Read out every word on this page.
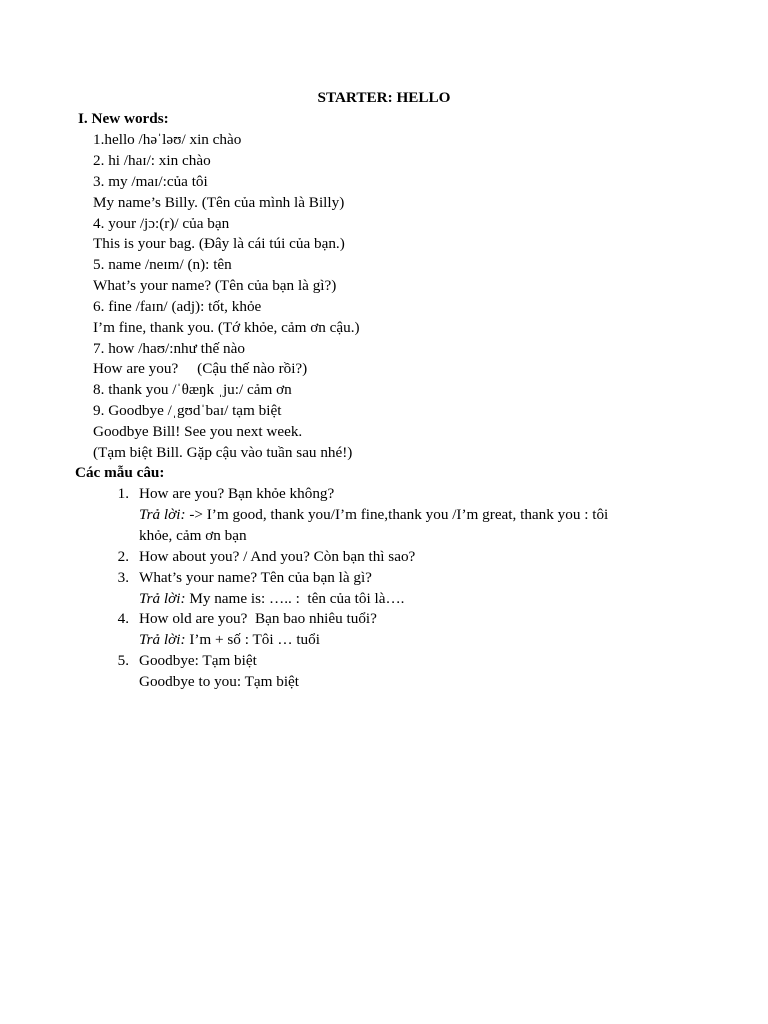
STARTER: HELLO
I. New words:
1.hello /həˈləʊ/ xin chào
2. hi /haɪ/: xin chào
3. my /maɪ/:của tôi
My name’s Billy. (Tên của mình là Billy)
4. your /jɔ:(r)/ của bạn
This is your bag. (Đây là cái túi của bạn.)
5. name /neɪm/ (n): tên
What’s your name? (Tên của bạn là gì?)
6. fine /faɪn/ (adj): tốt, khỏe
I’m fine, thank you. (Tớ khỏe, cảm ơn cậu.)
7. how /haʊ/:như thế nào
How are you?     (Cậu thế nào rồi?)
8. thank you /ˈθæŋk ˌju:/ cảm ơn
9. Goodbye /ˌgʊdˈbaɪ/ tạm biệt
Goodbye Bill! See you next week.
(Tạm biệt Bill. Gặp cậu vào tuần sau nhé!)
Các mẫu câu:
1. How are you? Bạn khỏe không?
Trả lời: -> I’m good, thank you/I’m fine,thank you /I’m great, thank you : tôi
khỏe, cảm ơn bạn
2. How about you? / And you? Còn bạn thì sao?
3. What’s your name? Tên của bạn là gì?
Trả lời: My name is: ….. :  tên của tôi là….
4. How old are you?  Bạn bao nhiêu tuổi?
Trả lời: I’m + số : Tôi … tuổi
5. Goodbye: Tạm biệt
Goodbye to you: Tạm biệt
